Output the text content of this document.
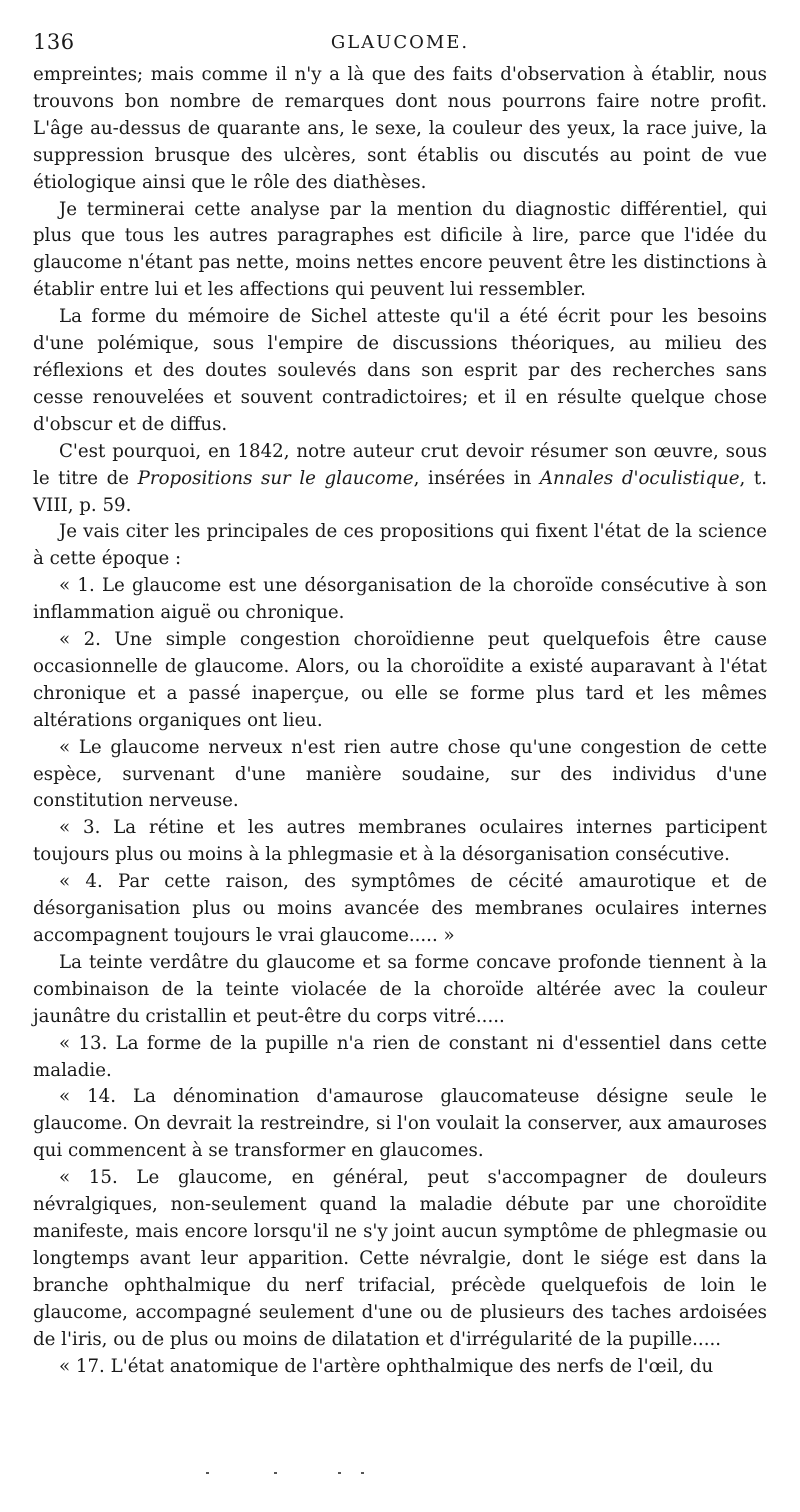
136	GLAUCOME.

empreintes; mais comme il n'y a là que des faits d'observation à établir, nous trouvons bon nombre de remarques dont nous pourrons faire notre profit. L'âge au-dessus de quarante ans, le sexe, la couleur des yeux, la race juive, la suppression brusque des ulcères, sont établis ou discutés au point de vue étiologique ainsi que le rôle des diathèses.

Je terminerai cette analyse par la mention du diagnostic différentiel, qui plus que tous les autres paragraphes est dificile à lire, parce que l'idée du glaucome n'étant pas nette, moins nettes encore peuvent être les distinctions à établir entre lui et les affections qui peuvent lui ressembler.

La forme du mémoire de Sichel atteste qu'il a été écrit pour les besoins d'une polémique, sous l'empire de discussions théoriques, au milieu des réflexions et des doutes soulevés dans son esprit par des recherches sans cesse renouvelées et souvent contradictoires; et il en résulte quelque chose d'obscur et de diffus.

C'est pourquoi, en 1842, notre auteur crut devoir résumer son œuvre, sous le titre de Propositions sur le glaucome, insérées in Annales d'oculistique, t. VIII, p. 59.

Je vais citer les principales de ces propositions qui fixent l'état de la science à cette époque :

« 1. Le glaucome est une désorganisation de la choroïde consécutive à son inflammation aiguë ou chronique.

« 2. Une simple congestion choroïdienne peut quelquefois être cause occasionnelle de glaucome. Alors, ou la choroïdite a existé auparavant à l'état chronique et a passé inaperçue, ou elle se forme plus tard et les mêmes altérations organiques ont lieu.

« Le glaucome nerveux n'est rien autre chose qu'une congestion de cette espèce, survenant d'une manière soudaine, sur des individus d'une constitution nerveuse.

« 3. La rétine et les autres membranes oculaires internes participent toujours plus ou moins à la phlegmasie et à la désorganisation consécutive.

« 4. Par cette raison, des symptômes de cécité amaurotique et de désorganisation plus ou moins avancée des membranes oculaires internes accompagnent toujours le vrai glaucome..... »

La teinte verdâtre du glaucome et sa forme concave profonde tiennent à la combinaison de la teinte violacée de la choroïde altérée avec la couleur jaunâtre du cristallin et peut-être du corps vitré.....

« 13. La forme de la pupille n'a rien de constant ni d'essentiel dans cette maladie.

« 14. La dénomination d'amaurose glaucomateuse désigne seule le glaucome. On devrait la restreindre, si l'on voulait la conserver, aux amauroses qui commencent à se transformer en glaucomes.

« 15. Le glaucome, en général, peut s'accompagner de douleurs névralgiques, non-seulement quand la maladie débute par une choroïdite manifeste, mais encore lorsqu'il ne s'y joint aucun symptôme de phlegmasie ou longtemps avant leur apparition. Cette névralgie, dont le siége est dans la branche ophthalmique du nerf trifacial, précède quelquefois de loin le glaucome, accompagné seulement d'une ou de plusieurs des taches ardoisées de l'iris, ou de plus ou moins de dilatation et d'irrégularité de la pupille.....

« 17. L'état anatomique de l'artère ophthalmique des nerfs de l'œil, du
